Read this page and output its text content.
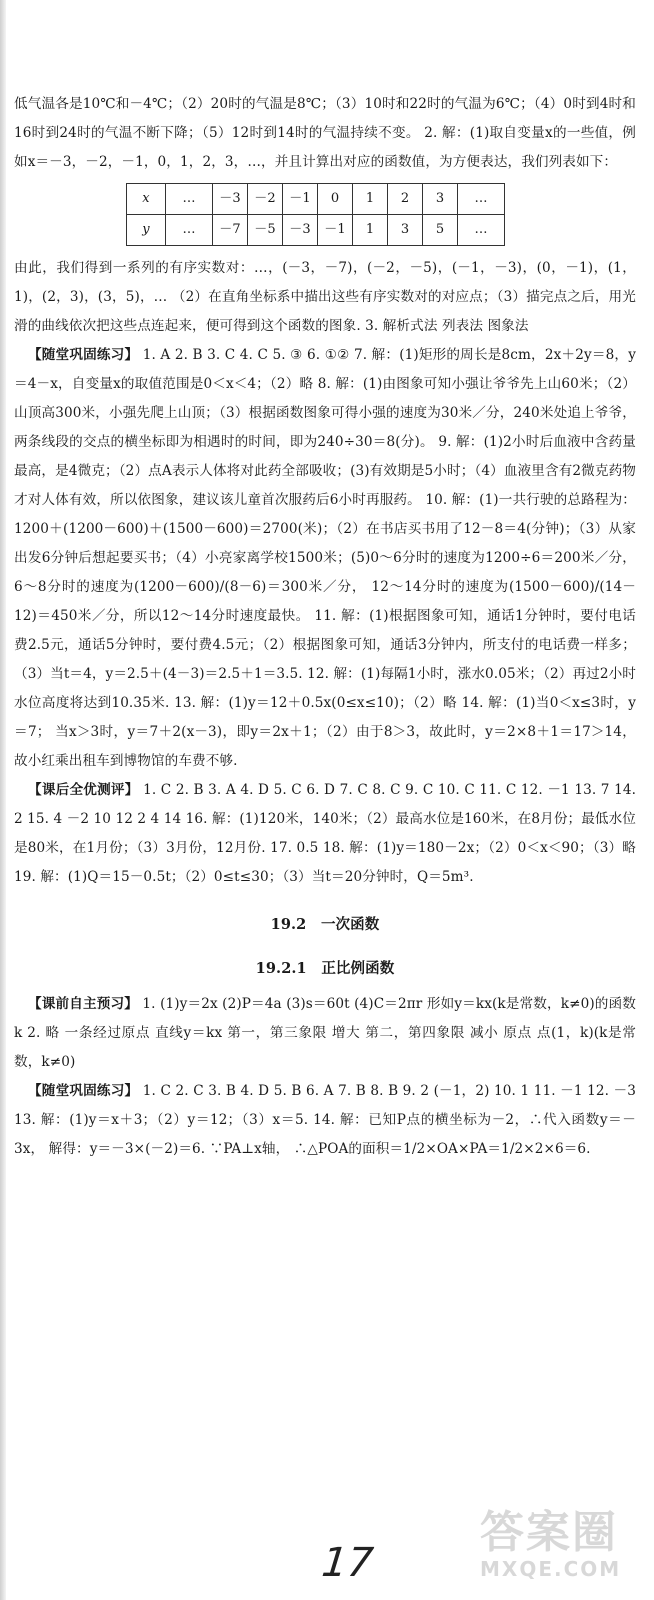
低气温各是10℃和－4℃；（2）20时的气温是8℃；（3）10时和22时的气温为6℃；（4）0时到4时和16时到24时的气温不断下降；（5）12时到14时的气温持续不变。 2. 解：(1)取自变量x的一些值，例如x＝－3，－2，－1，0，1，2，3，…，并且计算出对应的函数值，为方便表达，我们列表如下：

x	…	－3	－2	－1	0	1	2	3	…
y	…	－7	－5	－3	－1	1	3	5	…

由此，我们得到一系列的有序实数对：…，(－3，－7)，(－2，－5)，(－1，－3)，(0，－1)，(1，1)，(2，3)，(3，5)，… （2）在直角坐标系中描出这些有序实数对的对应点；（3）描完点之后，用光滑的曲线依次把这些点连起来，便可得到这个函数的图象. 3. 解析式法 列表法 图象法

【随堂巩固练习】 1. A 2. B 3. C 4. C 5. ③ 6. ①② 7. 解：(1)矩形的周长是8cm，2x＋2y＝8，y＝4－x，自变量x的取值范围是0＜x＜4；（2）略 8. 解：(1)由图象可知小强让爷爷先上山60米；（2）山顶高300米，小强先爬上山顶；（3）根据函数图象可得小强的速度为30米／分，240米处追上爷爷，两条线段的交点的横坐标即为相遇时的时间，即为240÷30＝8(分)。 9. 解：(1)2小时后血液中含药量最高，是4微克；（2）点A表示人体将对此药全部吸收；(3)有效期是5小时；（4）血液里含有2微克药物才对人体有效，所以依图象，建议该儿童首次服药后6小时再服药。 10. 解：(1)一共行驶的总路程为：1200＋(1200－600)＋(1500－600)＝2700(米)；（2）在书店买书用了12－8＝4(分钟)；（3）从家出发6分钟后想起要买书；（4）小亮家离学校1500米；(5)0～6分时的速度为1200÷6＝200米／分， 6～8分时的速度为(1200－600)/(8－6)＝300米／分， 12～14分时的速度为(1500－600)/(14－12)＝450米／分，所以12～14分时速度最快。 11. 解：(1)根据图象可知，通话1分钟时，要付电话费2.5元，通话5分钟时，要付费4.5元；（2）根据图象可知，通话3分钟内，所支付的电话费一样多；（3）当t＝4，y＝2.5＋(4－3)＝2.5＋1＝3.5. 12. 解：(1)每隔1小时，涨水0.05米；（2）再过2小时水位高度将达到10.35米. 13. 解：(1)y＝12＋0.5x(0≤x≤10)；（2）略 14. 解：(1)当0＜x≤3时，y＝7； 当x＞3时，y＝7＋2(x－3)，即y＝2x＋1；（2）由于8＞3，故此时，y＝2×8＋1＝17＞14， 故小红乘出租车到博物馆的车费不够.

【课后全优测评】 1. C 2. B 3. A 4. D 5. C 6. D 7. C 8. C 9. C 10. C 11. C 12. －1 13. 7 14. 2 15. 4 －2 10 12 2 4 14 16. 解：(1)120米，140米；（2）最高水位是160米，在8月份；最低水位是80米，在1月份；（3）3月份，12月份. 17. 0.5 18. 解：(1)y＝180－2x；（2）0＜x＜90；（3）略 19. 解：(1)Q＝15－0.5t；（2）0≤t≤30；（3）当t＝20分钟时，Q＝5m³.

19.2　一次函数
19.2.1　正比例函数

【课前自主预习】 1. (1)y＝2x (2)P＝4a (3)s＝60t (4)C＝2πr 形如y＝kx(k是常数，k≠0)的函数 k 2. 略 一条经过原点 直线y＝kx 第一，第三象限 增大 第二，第四象限 减小 原点 点(1，k)(k是常数，k≠0)

【随堂巩固练习】 1. C 2. C 3. B 4. D 5. B 6. A 7. B 8. B 9. 2 (－1，2) 10. 1 11. －1 12. －3 13. 解：(1)y＝x＋3；（2）y＝12；（3）x＝5. 14. 解：已知P点的横坐标为－2，∴代入函数y＝－3x， 解得：y＝－3×(－2)＝6. ∵PA⊥x轴， ∴△POA的面积＝1/2×OA×PA＝1/2×2×6＝6.

17
答案圈
MXQE.COM
